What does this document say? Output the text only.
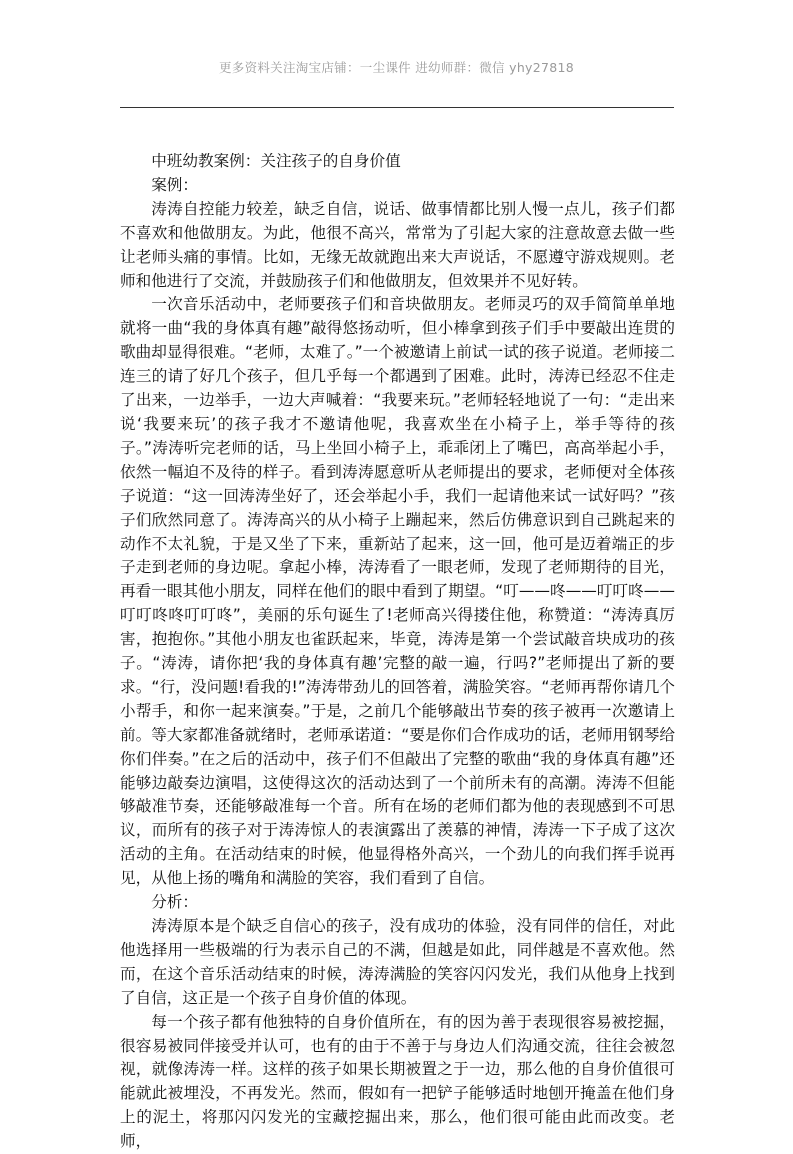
更多资料关注淘宝店铺：一尘课件 进幼师群：微信 yhy27818

中班幼教案例：关注孩子的自身价值

案例：

涛涛自控能力较差，缺乏自信，说话、做事情都比别人慢一点儿，孩子们都不喜欢和他做朋友。为此，他很不高兴，常常为了引起大家的注意故意去做一些让老师头痛的事情。比如，无缘无故就跑出来大声说话，不愿遵守游戏规则。老师和他进行了交流，并鼓励孩子们和他做朋友，但效果并不见好转。

一次音乐活动中，老师要孩子们和音块做朋友。老师灵巧的双手简简单单地就将一曲“我的身体真有趣”敲得悠扬动听，但小棒拿到孩子们手中要敲出连贯的歌曲却显得很难。“老师，太难了。”一个被邀请上前试一试的孩子说道。老师接二连三的请了好几个孩子，但几乎每一个都遇到了困难。此时，涛涛已经忍不住走了出来，一边举手，一边大声喊着：“我要来玩。”老师轻轻地说了一句：“走出来说‘我要来玩’的孩子我才不邀请他呢，我喜欢坐在小椅子上，举手等待的孩子。”涛涛听完老师的话，马上坐回小椅子上，乖乖闭上了嘴巴，高高举起小手，依然一幅迫不及待的样子。看到涛涛愿意听从老师提出的要求，老师便对全体孩子说道：“这一回涛涛坐好了，还会举起小手，我们一起请他来试一试好吗？”孩子们欣然同意了。涛涛高兴的从小椅子上蹦起来，然后仿佛意识到自己跳起来的动作不太礼貌，于是又坐了下来，重新站了起来，这一回，他可是迈着端正的步子走到老师的身边呢。拿起小棒，涛涛看了一眼老师，发现了老师期待的目光，再看一眼其他小朋友，同样在他们的眼中看到了期望。“叮——咚——叮叮咚——叮叮咚咚叮叮咚”，美丽的乐句诞生了!老师高兴得搂住他，称赞道：“涛涛真厉害，抱抱你。”其他小朋友也雀跃起来，毕竟，涛涛是第一个尝试敲音块成功的孩子。“涛涛，请你把‘我的身体真有趣’完整的敲一遍，行吗?”老师提出了新的要求。“行，没问题!看我的!”涛涛带劲儿的回答着，满脸笑容。“老师再帮你请几个小帮手，和你一起来演奏。”于是，之前几个能够敲出节奏的孩子被再一次邀请上前。等大家都准备就绪时，老师承诺道：“要是你们合作成功的话，老师用钢琴给你们伴奏。”在之后的活动中，孩子们不但敲出了完整的歌曲“我的身体真有趣”还能够边敲奏边演唱，这使得这次的活动达到了一个前所未有的高潮。涛涛不但能够敲准节奏，还能够敲准每一个音。所有在场的老师们都为他的表现感到不可思议，而所有的孩子对于涛涛惊人的表演露出了羡慕的神情，涛涛一下子成了这次活动的主角。在活动结束的时候，他显得格外高兴，一个劲儿的向我们挥手说再见，从他上扬的嘴角和满脸的笑容，我们看到了自信。

分析：

涛涛原本是个缺乏自信心的孩子，没有成功的体验，没有同伴的信任，对此他选择用一些极端的行为表示自己的不满，但越是如此，同伴越是不喜欢他。然而，在这个音乐活动结束的时候，涛涛满脸的笑容闪闪发光，我们从他身上找到了自信，这正是一个孩子自身价值的体现。

每一个孩子都有他独特的自身价值所在，有的因为善于表现很容易被挖掘，很容易被同伴接受并认可，也有的由于不善于与身边人们沟通交流，往往会被忽视，就像涛涛一样。这样的孩子如果长期被置之于一边，那么他的自身价值很可能就此被埋没，不再发光。然而，假如有一把铲子能够适时地刨开掩盖在他们身上的泥土，将那闪闪发光的宝藏挖掘出来，那么，他们很可能由此而改变。老师，
